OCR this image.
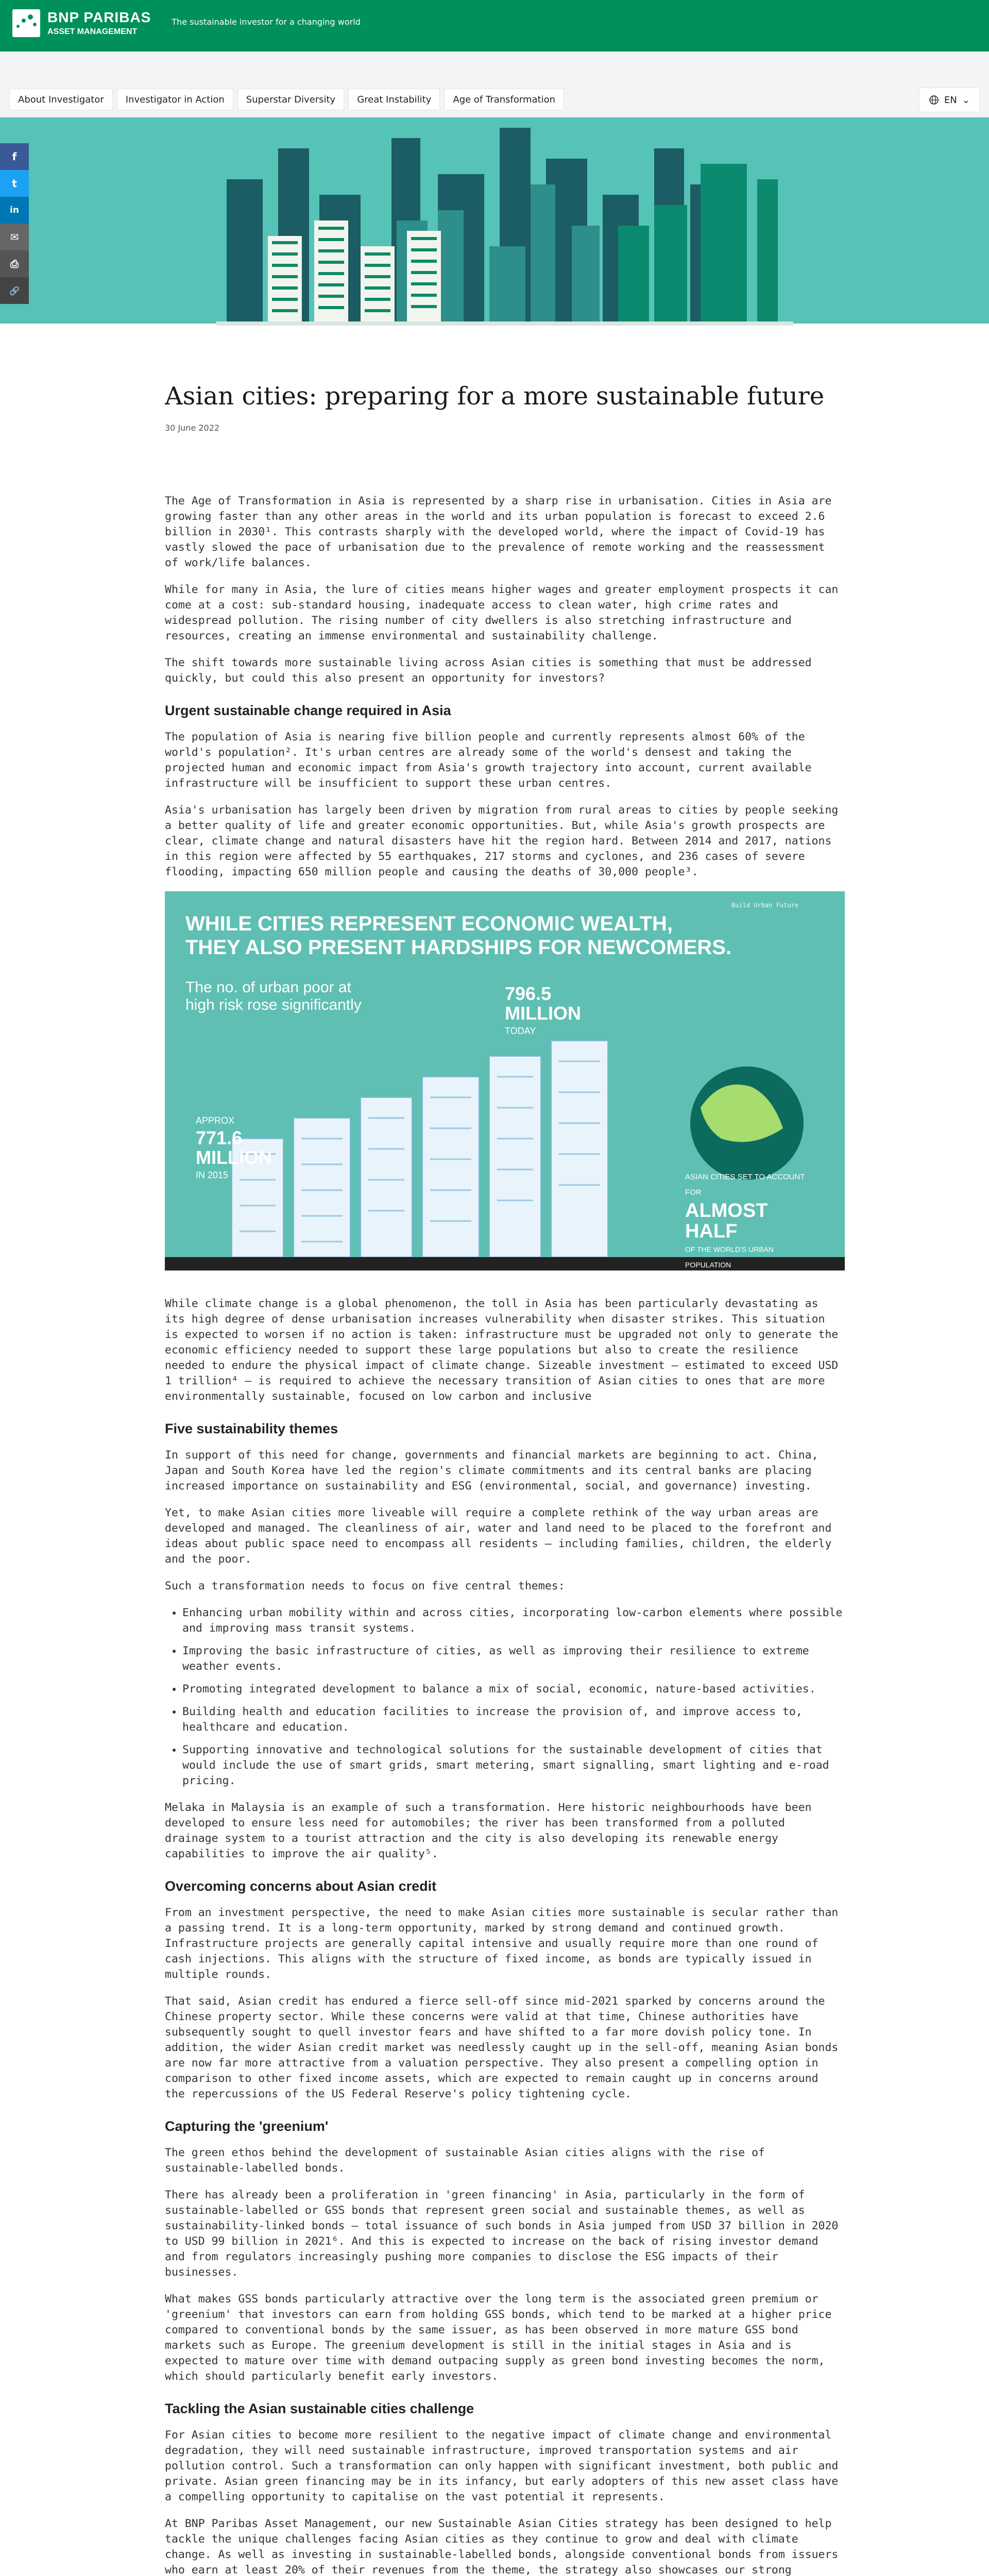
BNP PARIBAS
ASSET MANAGEMENT
The sustainable investor for a changing world
About Investigator	Investigator in Action	Superstar Diversity	Great Instability	Age of Transformation	EN ⌄
f
t
in
✉
⎙
🔗
Asian cities: preparing for a more sustainable future
30 June 2022

The Age of Transformation in Asia is represented by a sharp rise in urbanisation. Cities in Asia are growing faster than any other areas in the world and its urban population is forecast to exceed 2.6 billion in 2030¹. This contrasts sharply with the developed world, where the impact of Covid-19 has vastly slowed the pace of urbanisation due to the prevalence of remote working and the reassessment of work/life balances.

While for many in Asia, the lure of cities means higher wages and greater employment prospects it can come at a cost: sub-standard housing, inadequate access to clean water, high crime rates and widespread pollution. The rising number of city dwellers is also stretching infrastructure and resources, creating an immense environmental and sustainability challenge.

The shift towards more sustainable living across Asian cities is something that must be addressed quickly, but could this also present an opportunity for investors?

Urgent sustainable change required in Asia

The population of Asia is nearing five billion people and currently represents almost 60% of the world's population². It's urban centres are already some of the world's densest and taking the projected human and economic impact from Asia's growth trajectory into account, current available infrastructure will be insufficient to support these urban centres.

Asia's urbanisation has largely been driven by migration from rural areas to cities by people seeking a better quality of life and greater economic opportunities. But, while Asia's growth prospects are clear, climate change and natural disasters have hit the region hard. Between 2014 and 2017, nations in this region were affected by 55 earthquakes, 217 storms and cyclones, and 236 cases of severe flooding, impacting 650 million people and causing the deaths of 30,000 people³.

WHILE CITIES REPRESENT ECONOMIC WEALTH,
THEY ALSO PRESENT HARDSHIPS FOR NEWCOMERS.
Build Urban Future
The no. of urban poor at high risk rose significantly
APPROX
771.6 MILLION
IN 2015
796.5 MILLION
TODAY
ASIAN CITIES SET TO ACCOUNT FOR
ALMOST HALF
OF THE WORLD'S URBAN POPULATION
BY 2035

While climate change is a global phenomenon, the toll in Asia has been particularly devastating as its high degree of dense urbanisation increases vulnerability when disaster strikes. This situation is expected to worsen if no action is taken: infrastructure must be upgraded not only to generate the economic efficiency needed to support these large populations but also to create the resilience needed to endure the physical impact of climate change. Sizeable investment – estimated to exceed USD 1 trillion⁴ – is required to achieve the necessary transition of Asian cities to ones that are more environmentally sustainable, focused on low carbon and inclusive

Five sustainability themes

In support of this need for change, governments and financial markets are beginning to act. China, Japan and South Korea have led the region's climate commitments and its central banks are placing increased importance on sustainability and ESG (environmental, social, and governance) investing.

Yet, to make Asian cities more liveable will require a complete rethink of the way urban areas are developed and managed. The cleanliness of air, water and land need to be placed to the forefront and ideas about public space need to encompass all residents – including families, children, the elderly and the poor.

Such a transformation needs to focus on five central themes:

• Enhancing urban mobility within and across cities, incorporating low-carbon elements where possible and improving mass transit systems.
• Improving the basic infrastructure of cities, as well as improving their resilience to extreme weather events.
• Promoting integrated development to balance a mix of social, economic, nature-based activities.
• Building health and education facilities to increase the provision of, and improve access to, healthcare and education.
• Supporting innovative and technological solutions for the sustainable development of cities that would include the use of smart grids, smart metering, smart signalling, smart lighting and e-road pricing.

Melaka in Malaysia is an example of such a transformation. Here historic neighbourhoods have been developed to ensure less need for automobiles; the river has been transformed from a polluted drainage system to a tourist attraction and the city is also developing its renewable energy capabilities to improve the air quality⁵.

Overcoming concerns about Asian credit

From an investment perspective, the need to make Asian cities more sustainable is secular rather than a passing trend. It is a long-term opportunity, marked by strong demand and continued growth. Infrastructure projects are generally capital intensive and usually require more than one round of cash injections. This aligns with the structure of fixed income, as bonds are typically issued in multiple rounds.

That said, Asian credit has endured a fierce sell-off since mid-2021 sparked by concerns around the Chinese property sector. While these concerns were valid at that time, Chinese authorities have subsequently sought to quell investor fears and have shifted to a far more dovish policy tone. In addition, the wider Asian credit market was needlessly caught up in the sell-off, meaning Asian bonds are now far more attractive from a valuation perspective. They also present a compelling option in comparison to other fixed income assets, which are expected to remain caught up in concerns around the repercussions of the US Federal Reserve's policy tightening cycle.

Capturing the 'greenium'

The green ethos behind the development of sustainable Asian cities aligns with the rise of sustainable-labelled bonds.

There has already been a proliferation in 'green financing' in Asia, particularly in the form of sustainable-labelled or GSS bonds that represent green social and sustainable themes, as well as sustainability-linked bonds – total issuance of such bonds in Asia jumped from USD 37 billion in 2020 to USD 99 billion in 2021⁶. And this is expected to increase on the back of rising investor demand and from regulators increasingly pushing more companies to disclose the ESG impacts of their businesses.

What makes GSS bonds particularly attractive over the long term is the associated green premium or 'greenium' that investors can earn from holding GSS bonds, which tend to be marked at a higher price compared to conventional bonds by the same issuer, as has been observed in more mature GSS bond markets such as Europe. The greenium development is still in the initial stages in Asia and is expected to mature over time with demand outpacing supply as green bond investing becomes the norm, which should particularly benefit early investors.

Tackling the Asian sustainable cities challenge

For Asian cities to become more resilient to the negative impact of climate change and environmental degradation, they will need sustainable infrastructure, improved transportation systems and air pollution control. Such a transformation can only happen with significant investment, both public and private. Asian green financing may be in its infancy, but early adopters of this new asset class have a compelling opportunity to capitalise on the vast potential it represents.

At BNP Paribas Asset Management, our new Sustainable Asian Cities strategy has been designed to help tackle the unique challenges facing Asian cities as they continue to grow and deal with climate change. As well as investing in sustainable-labelled bonds, alongside conventional bonds from issuers who earn at least 20% of their revenues from the theme, the strategy also showcases our strong
